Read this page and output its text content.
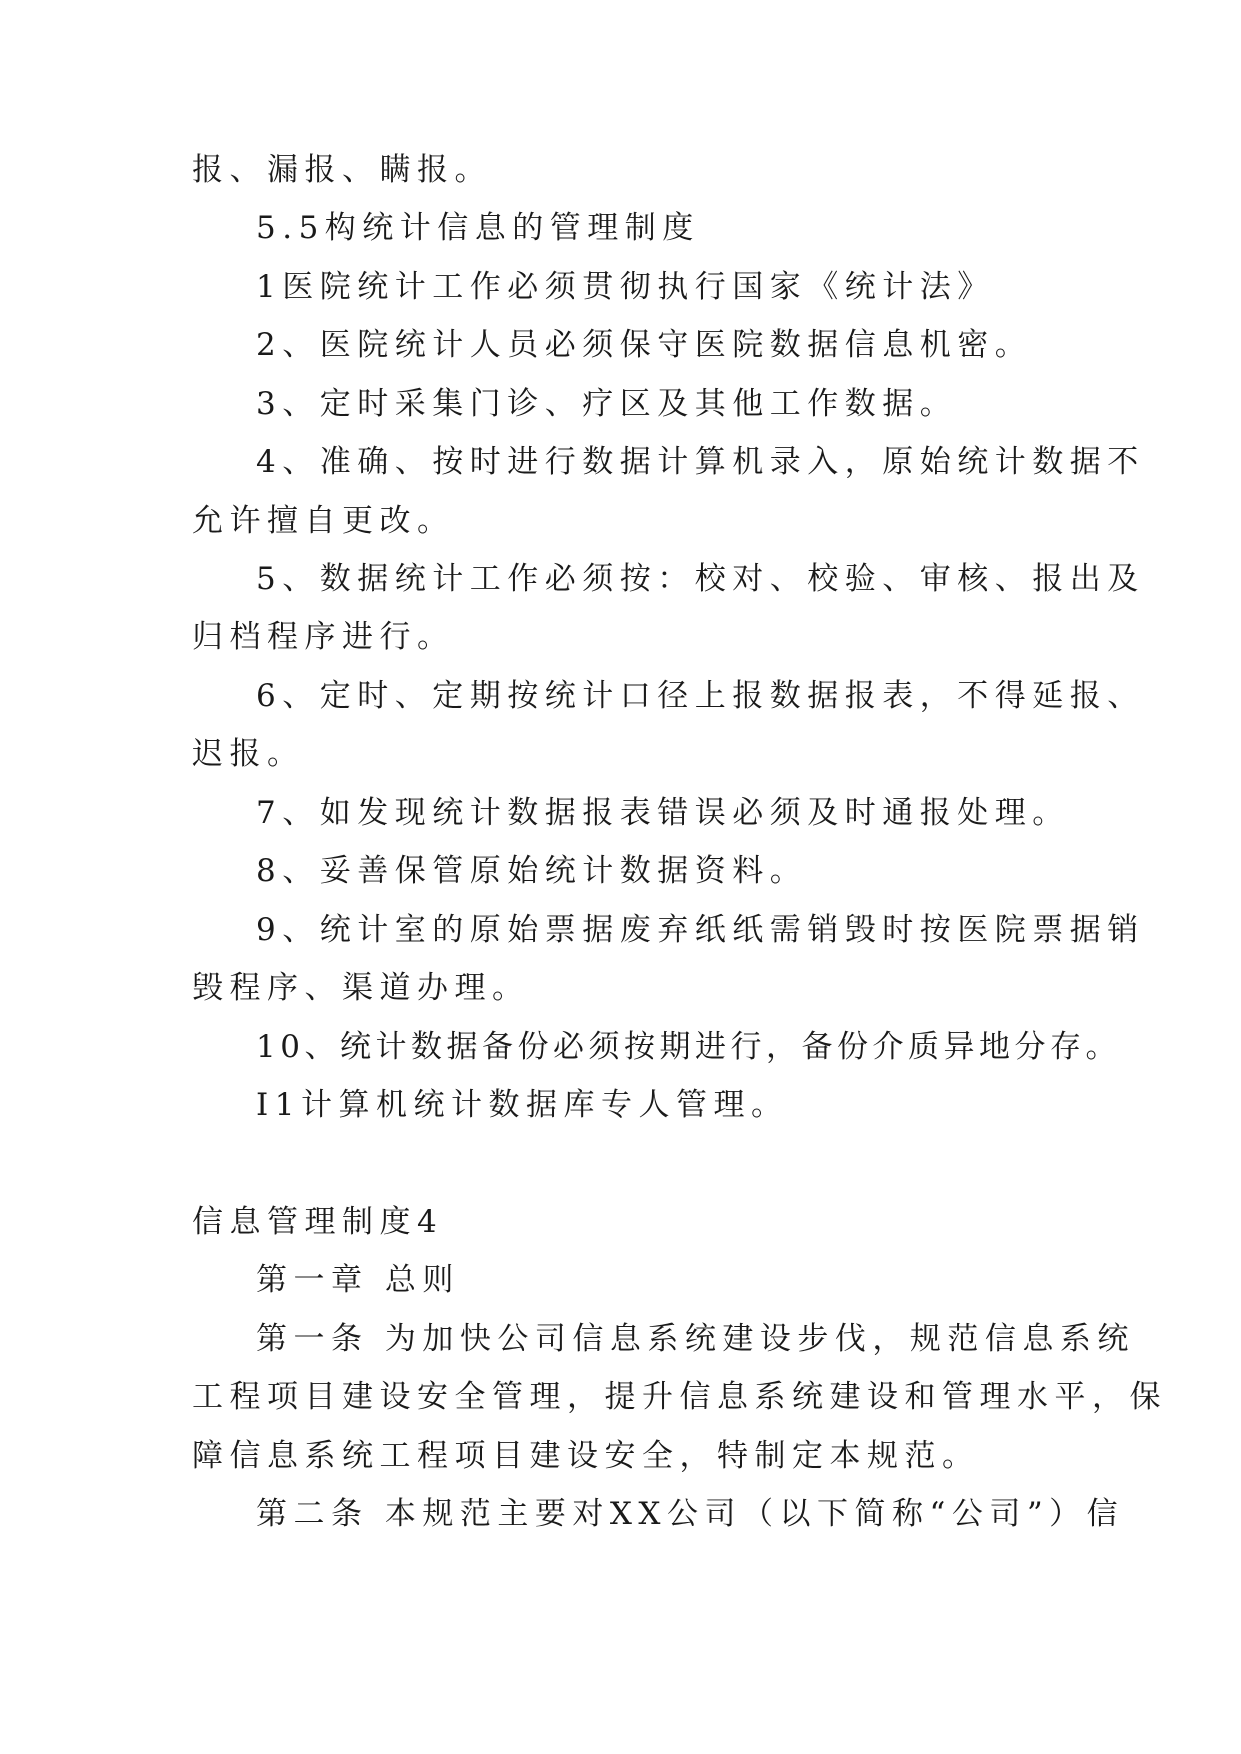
报、漏报、瞒报。
5.5构统计信息的管理制度
1医院统计工作必须贯彻执行国家《统计法》
2、医院统计人员必须保守医院数据信息机密。
3、定时采集门诊、疗区及其他工作数据。
4、准确、按时进行数据计算机录入，原始统计数据不
允许擅自更改。
5、数据统计工作必须按：校对、校验、审核、报出及
归档程序进行。
6、定时、定期按统计口径上报数据报表，不得延报、
迟报。
7、如发现统计数据报表错误必须及时通报处理。
8、妥善保管原始统计数据资料。
9、统计室的原始票据废弃纸纸需销毁时按医院票据销
毁程序、渠道办理。
10、统计数据备份必须按期进行，备份介质异地分存。
I1计算机统计数据库专人管理。
信息管理制度4
第一章 总则
第一条 为加快公司信息系统建设步伐，规范信息系统
工程项目建设安全管理，提升信息系统建设和管理水平，保
障信息系统工程项目建设安全，特制定本规范。
第二条 本规范主要对XX公司（以下简称“公司”）信
